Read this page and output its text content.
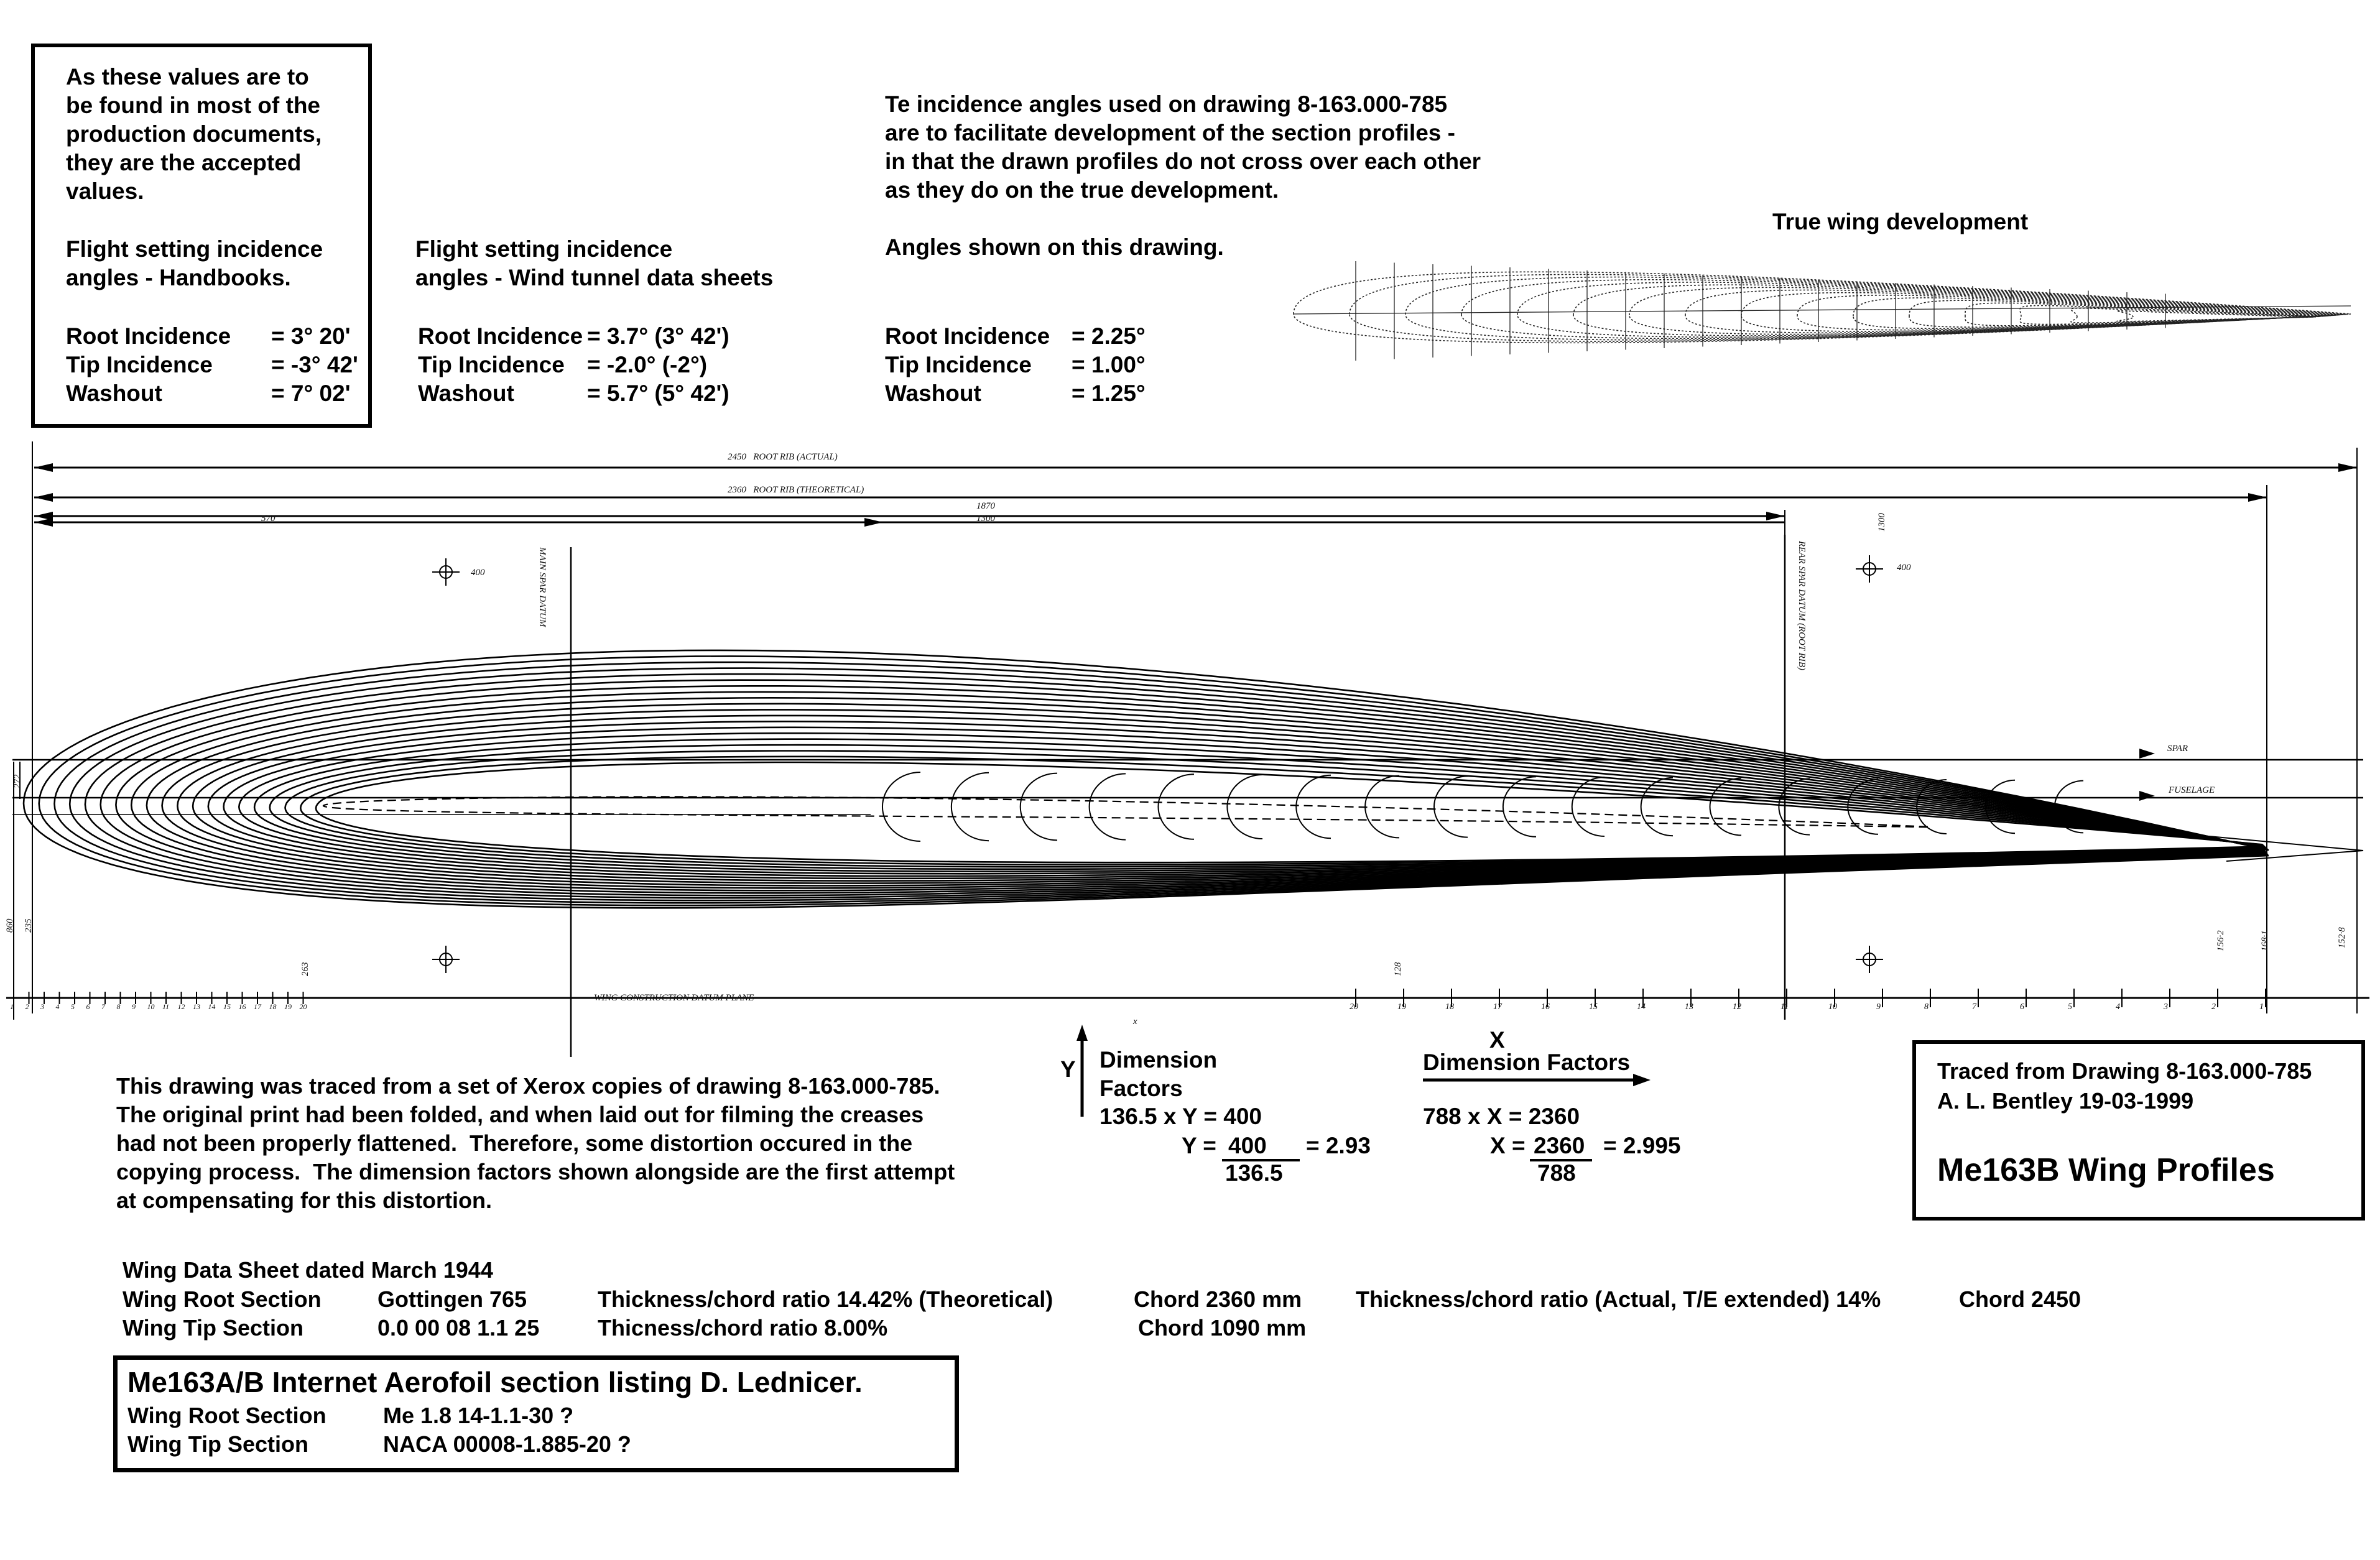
As these values are to
be found in most of the
production documents,
they are the accepted
values.
Flight setting incidence
angles - Handbooks.
Root Incidence = 3° 20'
Tip Incidence	= -3° 42'
Washout	= 7° 02'
Flight setting incidence
angles - Wind tunnel data sheets
Root Incidence = 3.7° (3° 42')
Tip Incidence = -2.0° (-2°)
Washout	= 5.7° (5° 42')
Te incidence angles used on drawing 8-163.000-785
are to facilitate development of the section profiles -
in that the drawn profiles do not cross over each other
as they do on the true development.
Angles shown on this drawing.
Root Incidence = 2.25°
Tip Incidence = 1.00°
Washout	= 1.25°
True wing development
2450 ROOT RIB (ACTUAL)
2360 ROOT RIB (THEORETICAL)
1870
1300
570
MAIN SPAR DATUM	REAR SPAR DATUM (ROOT RIB)
SPAR
FUSELAGE
WING CONSTRUCTION DATUM PLANE
400	400
1300
272
860 235
263	128
156·2	168·1	152·8
x
1 2 3 4 5 6 7 8 9 10 11 12 13 14 15 16 17 18 19 20	20	19	18	17	16	15	14	13	12	11	10	9	8	7	6	5	4	3	2	1
This drawing was traced from a set of Xerox copies of drawing 8-163.000-785.
The original print had been folded, and when laid out for filming the creases
had not been properly flattened.  Therefore, some distortion occured in the
copying process.  The dimension factors shown alongside are the first attempt
at compensating for this distortion.
Y Dimension
Factors
136.5 x Y = 400
Y = 400
136.5
= 2.93
X
Dimension Factors
788 x X = 2360
X = 2360
788
= 2.995
Traced from Drawing 8-163.000-785
A. L. Bentley 19-03-1999
Me163B Wing Profiles
Wing Data Sheet dated March 1944
Wing Root Section	Gottingen 765	Thickness/chord ratio 14.42% (Theoretical)	Chord 2360 mm Thickness/chord ratio (Actual, T/E extended) 14%	Chord 2450
Wing Tip Section	0.0 00 08 1.1 25	Thicness/chord ratio 8.00%	Chord 1090 mm
Me163A/B Internet Aerofoil section listing D. Lednicer.
Wing Root Section	Me 1.8 14-1.1-30 ?
Wing Tip Section	NACA 00008-1.885-20 ?
